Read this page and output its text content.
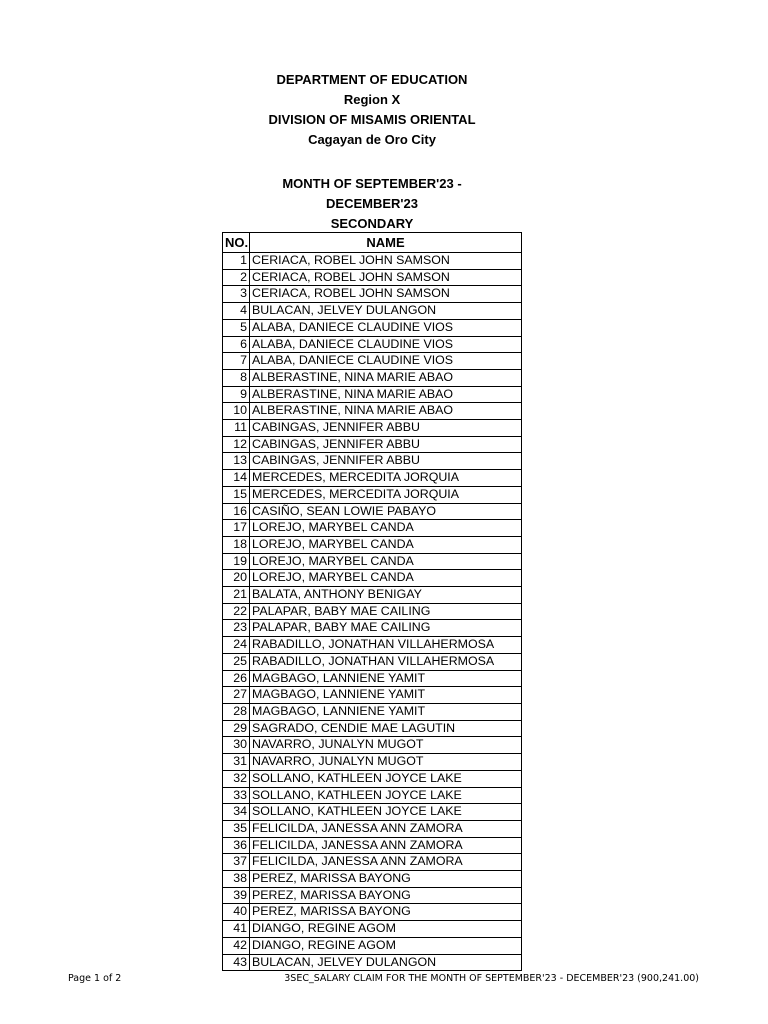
DEPARTMENT OF EDUCATION
Region X
DIVISION OF MISAMIS ORIENTAL
Cagayan de Oro City
MONTH OF SEPTEMBER'23 -
DECEMBER'23
SECONDARY
NO.	NAME
1	CERIACA, ROBEL JOHN SAMSON
2	CERIACA, ROBEL JOHN SAMSON
3	CERIACA, ROBEL JOHN SAMSON
4	BULACAN, JELVEY DULANGON
5	ALABA, DANIECE CLAUDINE VIOS
6	ALABA, DANIECE CLAUDINE VIOS
7	ALABA, DANIECE CLAUDINE VIOS
8	ALBERASTINE, NINA MARIE ABAO
9	ALBERASTINE, NINA MARIE ABAO
10	ALBERASTINE, NINA MARIE ABAO
11	CABINGAS, JENNIFER ABBU
12	CABINGAS, JENNIFER ABBU
13	CABINGAS, JENNIFER ABBU
14	MERCEDES, MERCEDITA JORQUIA
15	MERCEDES, MERCEDITA JORQUIA
16	CASIÑO, SEAN LOWIE PABAYO
17	LOREJO, MARYBEL CANDA
18	LOREJO, MARYBEL CANDA
19	LOREJO, MARYBEL CANDA
20	LOREJO, MARYBEL CANDA
21	BALATA, ANTHONY BENIGAY
22	PALAPAR, BABY MAE CAILING
23	PALAPAR, BABY MAE CAILING
24	RABADILLO, JONATHAN VILLAHERMOSA
25	RABADILLO, JONATHAN VILLAHERMOSA
26	MAGBAGO, LANNIENE YAMIT
27	MAGBAGO, LANNIENE YAMIT
28	MAGBAGO, LANNIENE YAMIT
29	SAGRADO, CENDIE MAE LAGUTIN
30	NAVARRO, JUNALYN MUGOT
31	NAVARRO, JUNALYN MUGOT
32	SOLLANO, KATHLEEN JOYCE LAKE
33	SOLLANO, KATHLEEN JOYCE LAKE
34	SOLLANO, KATHLEEN JOYCE LAKE
35	FELICILDA, JANESSA ANN ZAMORA
36	FELICILDA, JANESSA ANN ZAMORA
37	FELICILDA, JANESSA ANN ZAMORA
38	PEREZ, MARISSA BAYONG
39	PEREZ, MARISSA BAYONG
40	PEREZ, MARISSA BAYONG
41	DIANGO, REGINE AGOM
42	DIANGO, REGINE AGOM
43	BULACAN, JELVEY DULANGON
Page 1 of 2	3SEC_SALARY CLAIM FOR THE MONTH OF SEPTEMBER'23 - DECEMBER'23 (900,241.00)
